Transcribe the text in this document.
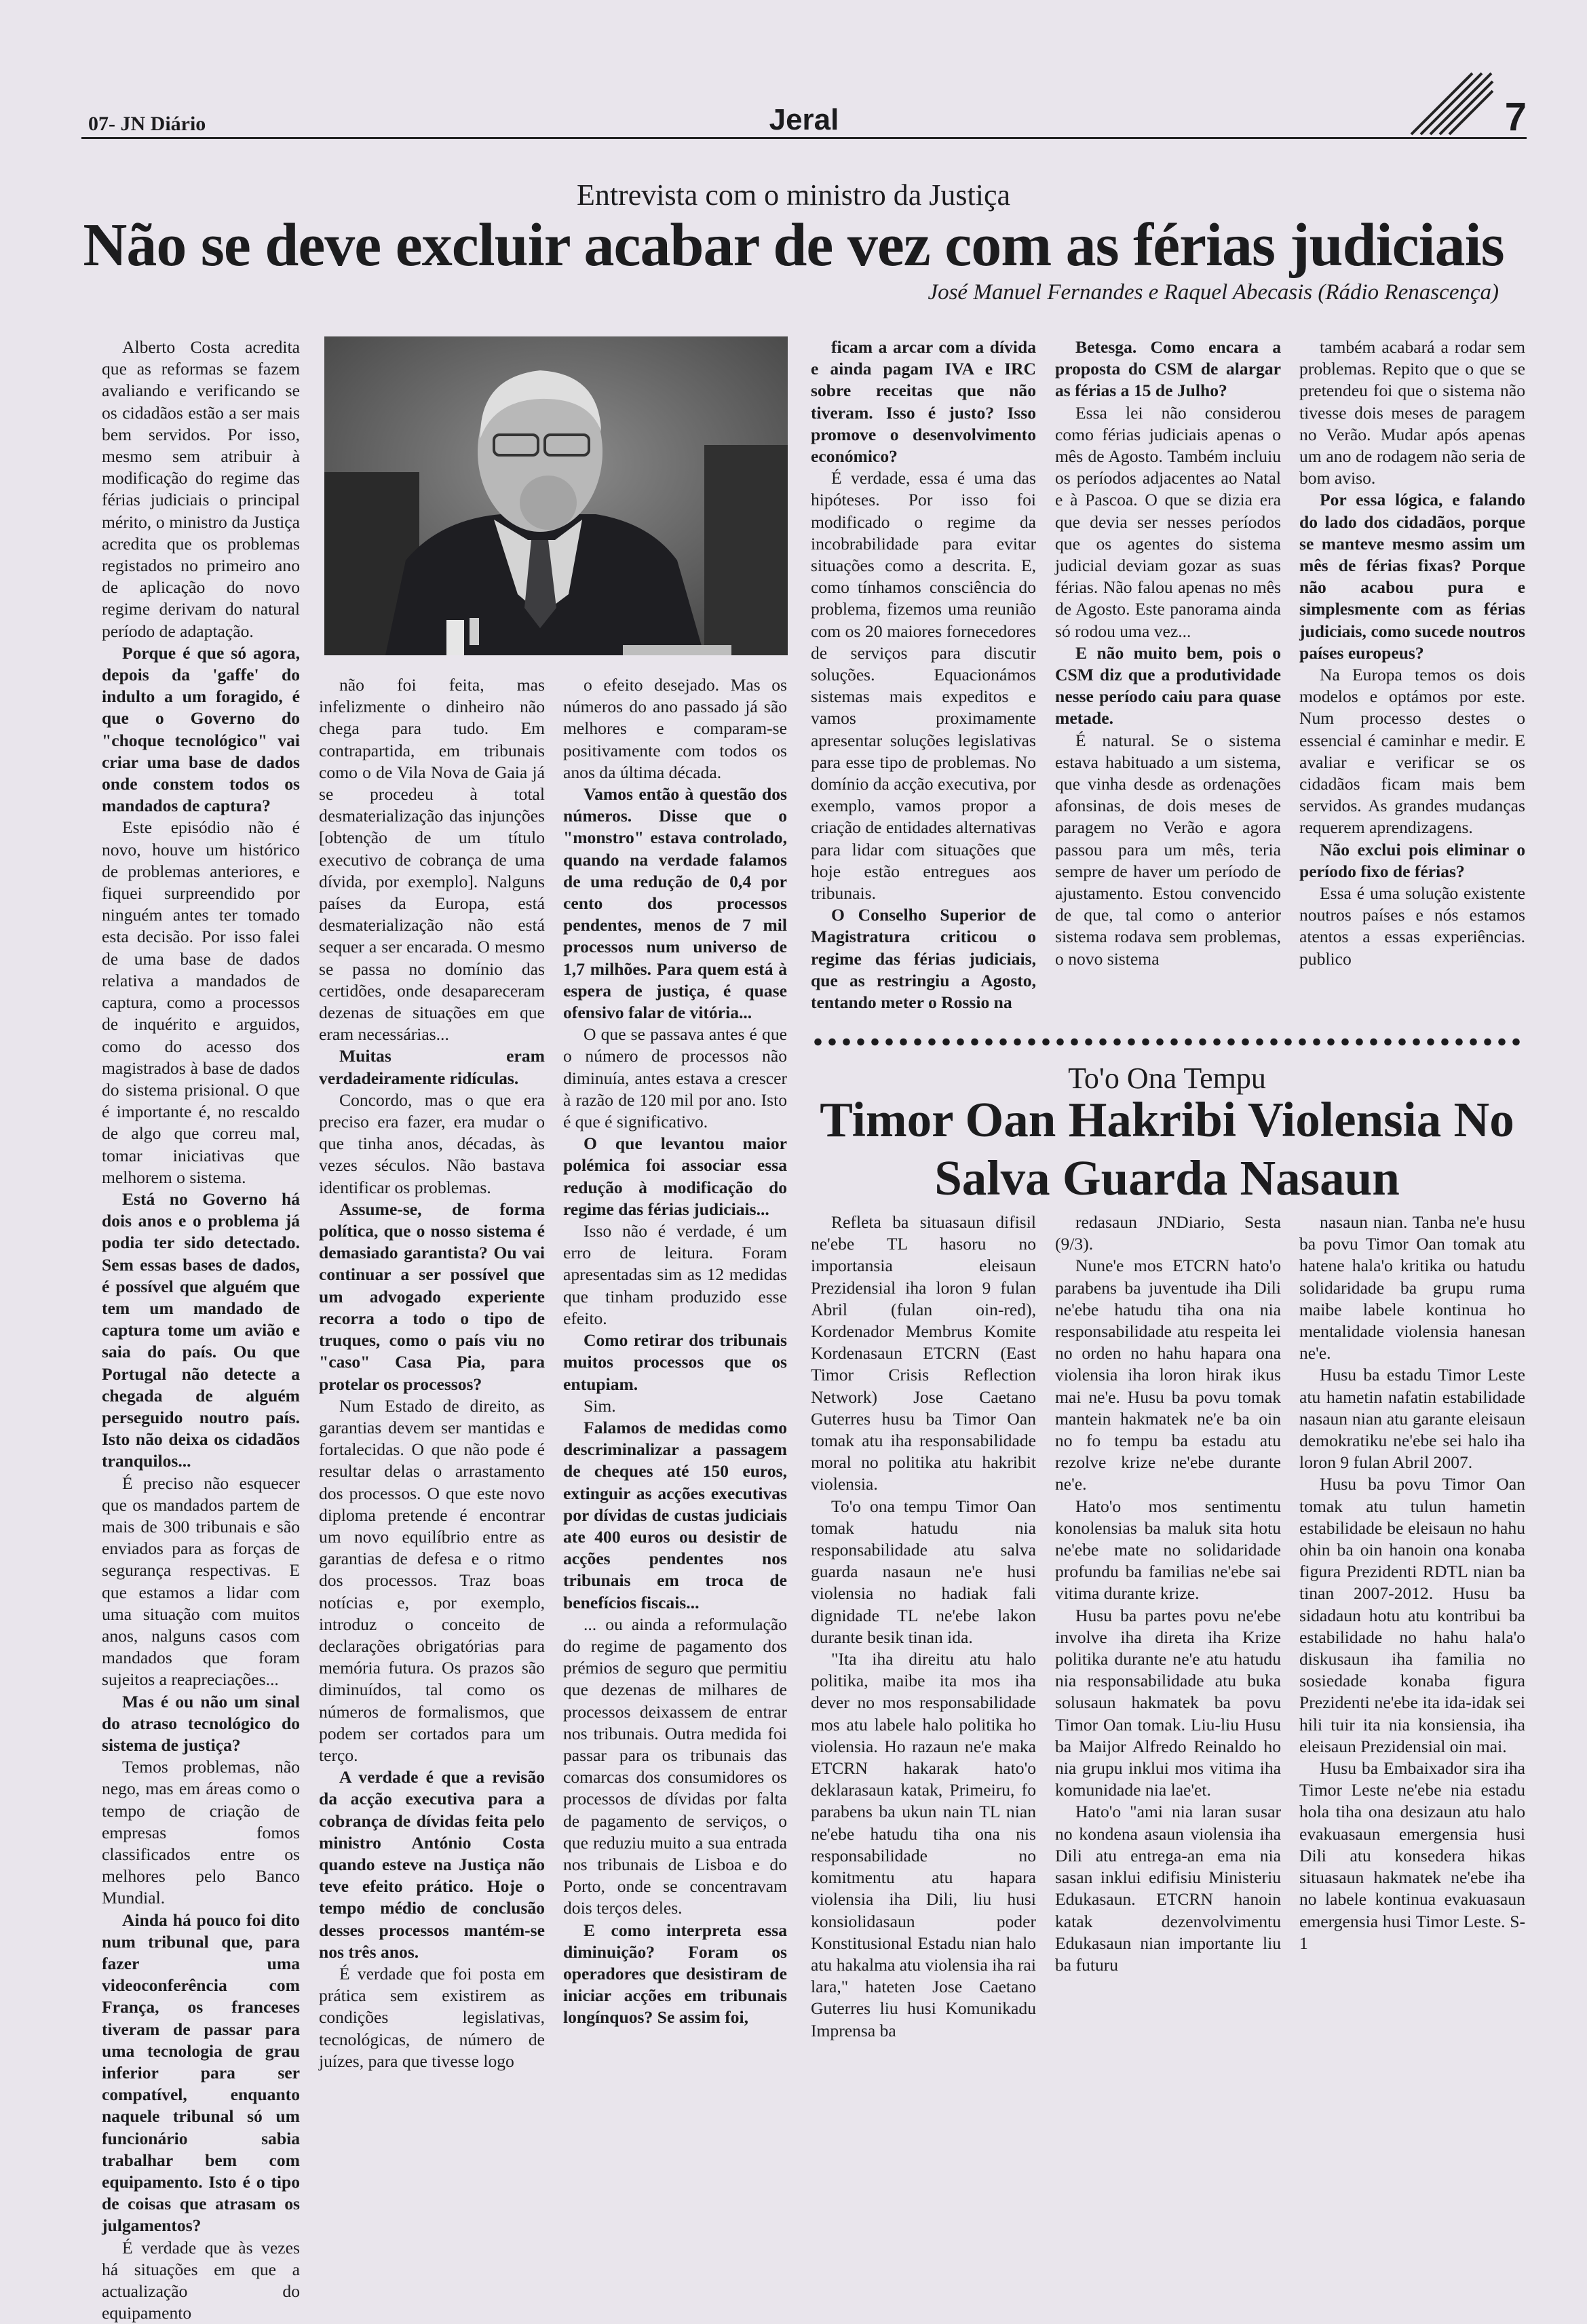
07- JN Diário	Jeral	7
Entrevista com o ministro da Justiça
Não se deve excluir acabar de vez com as férias judiciais
José Manuel Fernandes e Raquel Abecasis (Rádio Renascença)

Alberto Costa acredita que as reformas se fazem avaliando e verificando se os cidadãos estão a ser mais bem servidos. Por isso, mesmo sem atribuir à modificação do regime das férias judiciais o principal mérito, o ministro da Justiça acredita que os problemas registados no primeiro ano de aplicação do novo regime derivam do natural período de adaptação.

Porque é que só agora, depois da 'gaffe' do indulto a um foragido, é que o Governo do "choque tecnológico" vai criar uma base de dados onde constem todos os mandados de captura?

Este episódio não é novo, houve um histórico de problemas anteriores, e fiquei surpreendido por ninguém antes ter tomado esta decisão. Por isso falei de uma base de dados relativa a mandados de captura, como a processos de inquérito e arguidos, como do acesso dos magistrados à base de dados do sistema prisional. O que é importante é, no rescaldo de algo que correu mal, tomar iniciativas que melhorem o sistema.

Está no Governo há dois anos e o problema já podia ter sido detectado. Sem essas bases de dados, é possível que alguém que tem um mandado de captura tome um avião e saia do país. Ou que Portugal não detecte a chegada de alguém perseguido noutro país. Isto não deixa os cidadãos tranquilos...

É preciso não esquecer que os mandados partem de mais de 300 tribunais e são enviados para as forças de segurança respectivas. E que estamos a lidar com uma situação com muitos anos, nalguns casos com mandados que foram sujeitos a reapreciações...

Mas é ou não um sinal do atraso tecnológico do sistema de justiça?

Temos problemas, não nego, mas em áreas como o tempo de criação de empresas fomos classificados entre os melhores pelo Banco Mundial.

Ainda há pouco foi dito num tribunal que, para fazer uma videoconferência com França, os franceses tiveram de passar para uma tecnologia de grau inferior para ser compatível, enquanto naquele tribunal só um funcionário sabia trabalhar bem com equipamento. Isto é o tipo de coisas que atrasam os julgamentos?

É verdade que às vezes há situações em que a actualização do equipamento

não foi feita, mas infelizmente o dinheiro não chega para tudo. Em contrapartida, em tribunais como o de Vila Nova de Gaia já se procedeu à total desmaterialização das injunções [obtenção de um título executivo de cobrança de uma dívida, por exemplo]. Nalguns países da Europa, está desmaterialização não está sequer a ser encarada. O mesmo se passa no domínio das certidões, onde desapareceram dezenas de situações em que eram necessárias...

Muitas eram verdadeiramente ridículas.

Concordo, mas o que era preciso era fazer, era mudar o que tinha anos, décadas, às vezes séculos. Não bastava identificar os problemas.

Assume-se, de forma política, que o nosso sistema é demasiado garantista? Ou vai continuar a ser possível que um advogado experiente recorra a todo o tipo de truques, como o país viu no "caso" Casa Pia, para protelar os processos?

Num Estado de direito, as garantias devem ser mantidas e fortalecidas. O que não pode é resultar delas o arrastamento dos processos. O que este novo diploma pretende é encontrar um novo equilíbrio entre as garantias de defesa e o ritmo dos processos. Traz boas notícias e, por exemplo, introduz o conceito de declarações obrigatórias para memória futura. Os prazos são diminuídos, tal como os números de formalismos, que podem ser cortados para um terço.

A verdade é que a revisão da acção executiva para a cobrança de dívidas feita pelo ministro António Costa quando esteve na Justiça não teve efeito prático. Hoje o tempo médio de conclusão desses processos mantém-se nos três anos.

É verdade que foi posta em prática sem existirem as condições legislativas, tecnológicas, de número de juízes, para que tivesse logo

o efeito desejado. Mas os números do ano passado já são melhores e comparam-se positivamente com todos os anos da última década.

Vamos então à questão dos números. Disse que o "monstro" estava controlado, quando na verdade falamos de uma redução de 0,4 por cento dos processos pendentes, menos de 7 mil processos num universo de 1,7 milhões. Para quem está à espera de justiça, é quase ofensivo falar de vitória...

O que se passava antes é que o número de processos não diminuía, antes estava a crescer à razão de 120 mil por ano. Isto é que é significativo.

O que levantou maior polémica foi associar essa redução à modificação do regime das férias judiciais...

Isso não é verdade, é um erro de leitura. Foram apresentadas sim as 12 medidas que tinham produzido esse efeito.

Como retirar dos tribunais muitos processos que os entupiam.

Sim.

Falamos de medidas como descriminalizar a passagem de cheques até 150 euros, extinguir as acções executivas por dívidas de custas judiciais ate 400 euros ou desistir de acções pendentes nos tribunais em troca de benefícios fiscais...

... ou ainda a reformulação do regime de pagamento dos prémios de seguro que permitiu que dezenas de milhares de processos deixassem de entrar nos tribunais. Outra medida foi passar para os tribunais das comarcas dos consumidores os processos de dívidas por falta de pagamento de serviços, o que reduziu muito a sua entrada nos tribunais de Lisboa e do Porto, onde se concentravam dois terços deles.

E como interpreta essa diminuição? Foram os operadores que desistiram de iniciar acções em tribunais longínquos? Se assim foi,

ficam a arcar com a dívida e ainda pagam IVA e IRC sobre receitas que não tiveram. Isso é justo? Isso promove o desenvolvimento económico?

É verdade, essa é uma das hipóteses. Por isso foi modificado o regime da incobrabilidade para evitar situações como a descrita. E, como tínhamos consciência do problema, fizemos uma reunião com os 20 maiores fornecedores de serviços para discutir soluções. Equacionámos sistemas mais expeditos e vamos proximamente apresentar soluções legislativas para esse tipo de problemas. No domínio da acção executiva, por exemplo, vamos propor a criação de entidades alternativas para lidar com situações que hoje estão entregues aos tribunais.

O Conselho Superior de Magistratura criticou o regime das férias judiciais, que as restringiu a Agosto, tentando meter o Rossio na

Betesga. Como encara a proposta do CSM de alargar as férias a 15 de Julho?

Essa lei não considerou como férias judiciais apenas o mês de Agosto. Também incluiu os períodos adjacentes ao Natal e à Pascoa. O que se dizia era que devia ser nesses períodos que os agentes do sistema judicial deviam gozar as suas férias. Não falou apenas no mês de Agosto. Este panorama ainda só rodou uma vez...

E não muito bem, pois o CSM diz que a produtividade nesse período caiu para quase metade.

É natural. Se o sistema estava habituado a um sistema, que vinha desde as ordenações afonsinas, de dois meses de paragem no Verão e agora passou para um mês, teria sempre de haver um período de ajustamento. Estou convencido de que, tal como o anterior sistema rodava sem problemas, o novo sistema

também acabará a rodar sem problemas. Repito que o que se pretendeu foi que o sistema não tivesse dois meses de paragem no Verão. Mudar após apenas um ano de rodagem não seria de bom aviso.

Por essa lógica, e falando do lado dos cidadãos, porque se manteve mesmo assim um mês de férias fixas? Porque não acabou pura e simplesmente com as férias judiciais, como sucede noutros países europeus?

Na Europa temos os dois modelos e optámos por este. Num processo destes o essencial é caminhar e medir. E avaliar e verificar se os cidadãos ficam mais bem servidos. As grandes mudanças requerem aprendizagens.

Não exclui pois eliminar o período fixo de férias?

Essa é uma solução existente noutros países e nós estamos atentos a essas experiências. publico

To'o Ona Tempu
Timor Oan Hakribi Violensia No Salva Guarda Nasaun

Refleta ba situasaun difisil ne'ebe TL hasoru no importansia eleisaun Prezidensial iha loron 9 fulan Abril (fulan oin-red), Kordenador Membrus Komite Kordenasaun ETCRN (East Timor Crisis Reflection Network) Jose Caetano Guterres husu ba Timor Oan tomak atu iha responsabilidade moral no politika atu hakribit violensia.

To'o ona tempu Timor Oan tomak hatudu nia responsabilidade atu salva guarda nasaun ne'e husi violensia no hadiak fali dignidade TL ne'ebe lakon durante besik tinan ida.

"Ita iha direitu atu halo politika, maibe ita mos iha dever no mos responsabilidade mos atu labele halo politika ho violensia. Ho razaun ne'e maka ETCRN hakarak hato'o deklarasaun katak, Primeiru, fo parabens ba ukun nain TL nian ne'ebe hatudu tiha ona nis responsabilidade no komitmentu atu hapara violensia iha Dili, liu husi konsiolidasaun poder Konstitusional Estadu nian halo atu hakalma atu violensia iha rai lara," hateten Jose Caetano Guterres liu husi Komunikadu Imprensa ba

redasaun JNDiario, Sesta (9/3).

Nune'e mos ETCRN hato'o parabens ba juventude iha Dili ne'ebe hatudu tiha ona nia responsabilidade atu respeita lei no orden no hahu hapara ona violensia iha loron hirak ikus mai ne'e. Husu ba povu tomak mantein hakmatek ne'e ba oin no fo tempu ba estadu atu rezolve krize ne'ebe durante ne'e.

Hato'o mos sentimentu konolensias ba maluk sita hotu ne'ebe mate no solidaridade profundu ba familias ne'ebe sai vitima durante krize.

Husu ba partes povu ne'ebe involve iha direta iha Krize politika durante ne'e atu hatudu nia responsabilidade atu buka solusaun hakmatek ba povu Timor Oan tomak. Liu-liu Husu ba Maijor Alfredo Reinaldo ho nia grupu inklui mos vitima iha komunidade nia lae'et.

Hato'o "ami nia laran susar no kondena asaun violensia iha Dili atu entrega-an ema nia sasan inklui edifisiu Ministeriu Edukasaun. ETCRN hanoin katak dezenvolvimentu Edukasaun nian importante liu ba futuru

nasaun nian. Tanba ne'e husu ba povu Timor Oan tomak atu hatene hala'o kritika ou hatudu solidaridade ba grupu ruma maibe labele kontinua ho mentalidade violensia hanesan ne'e.

Husu ba estadu Timor Leste atu hametin nafatin estabilidade nasaun nian atu garante eleisaun demokratiku ne'ebe sei halo iha loron 9 fulan Abril 2007.

Husu ba povu Timor Oan tomak atu tulun hametin estabilidade be eleisaun no hahu ohin ba oin hanoin ona konaba figura Prezidenti RDTL nian ba tinan 2007-2012. Husu ba sidadaun hotu atu kontribui ba estabilidade no hahu hala'o diskusaun iha familia no sosiedade konaba figura Prezidenti ne'ebe ita ida-idak sei hili tuir ita nia konsiensia, iha eleisaun Prezidensial oin mai.

Husu ba Embaixador sira iha Timor Leste ne'ebe nia estadu hola tiha ona desizaun atu halo evakuasaun emergensia husi Dili atu konsedera hikas situasaun hakmatek ne'ebe iha no labele kontinua evakuasaun emergensia husi Timor Leste. S-1
